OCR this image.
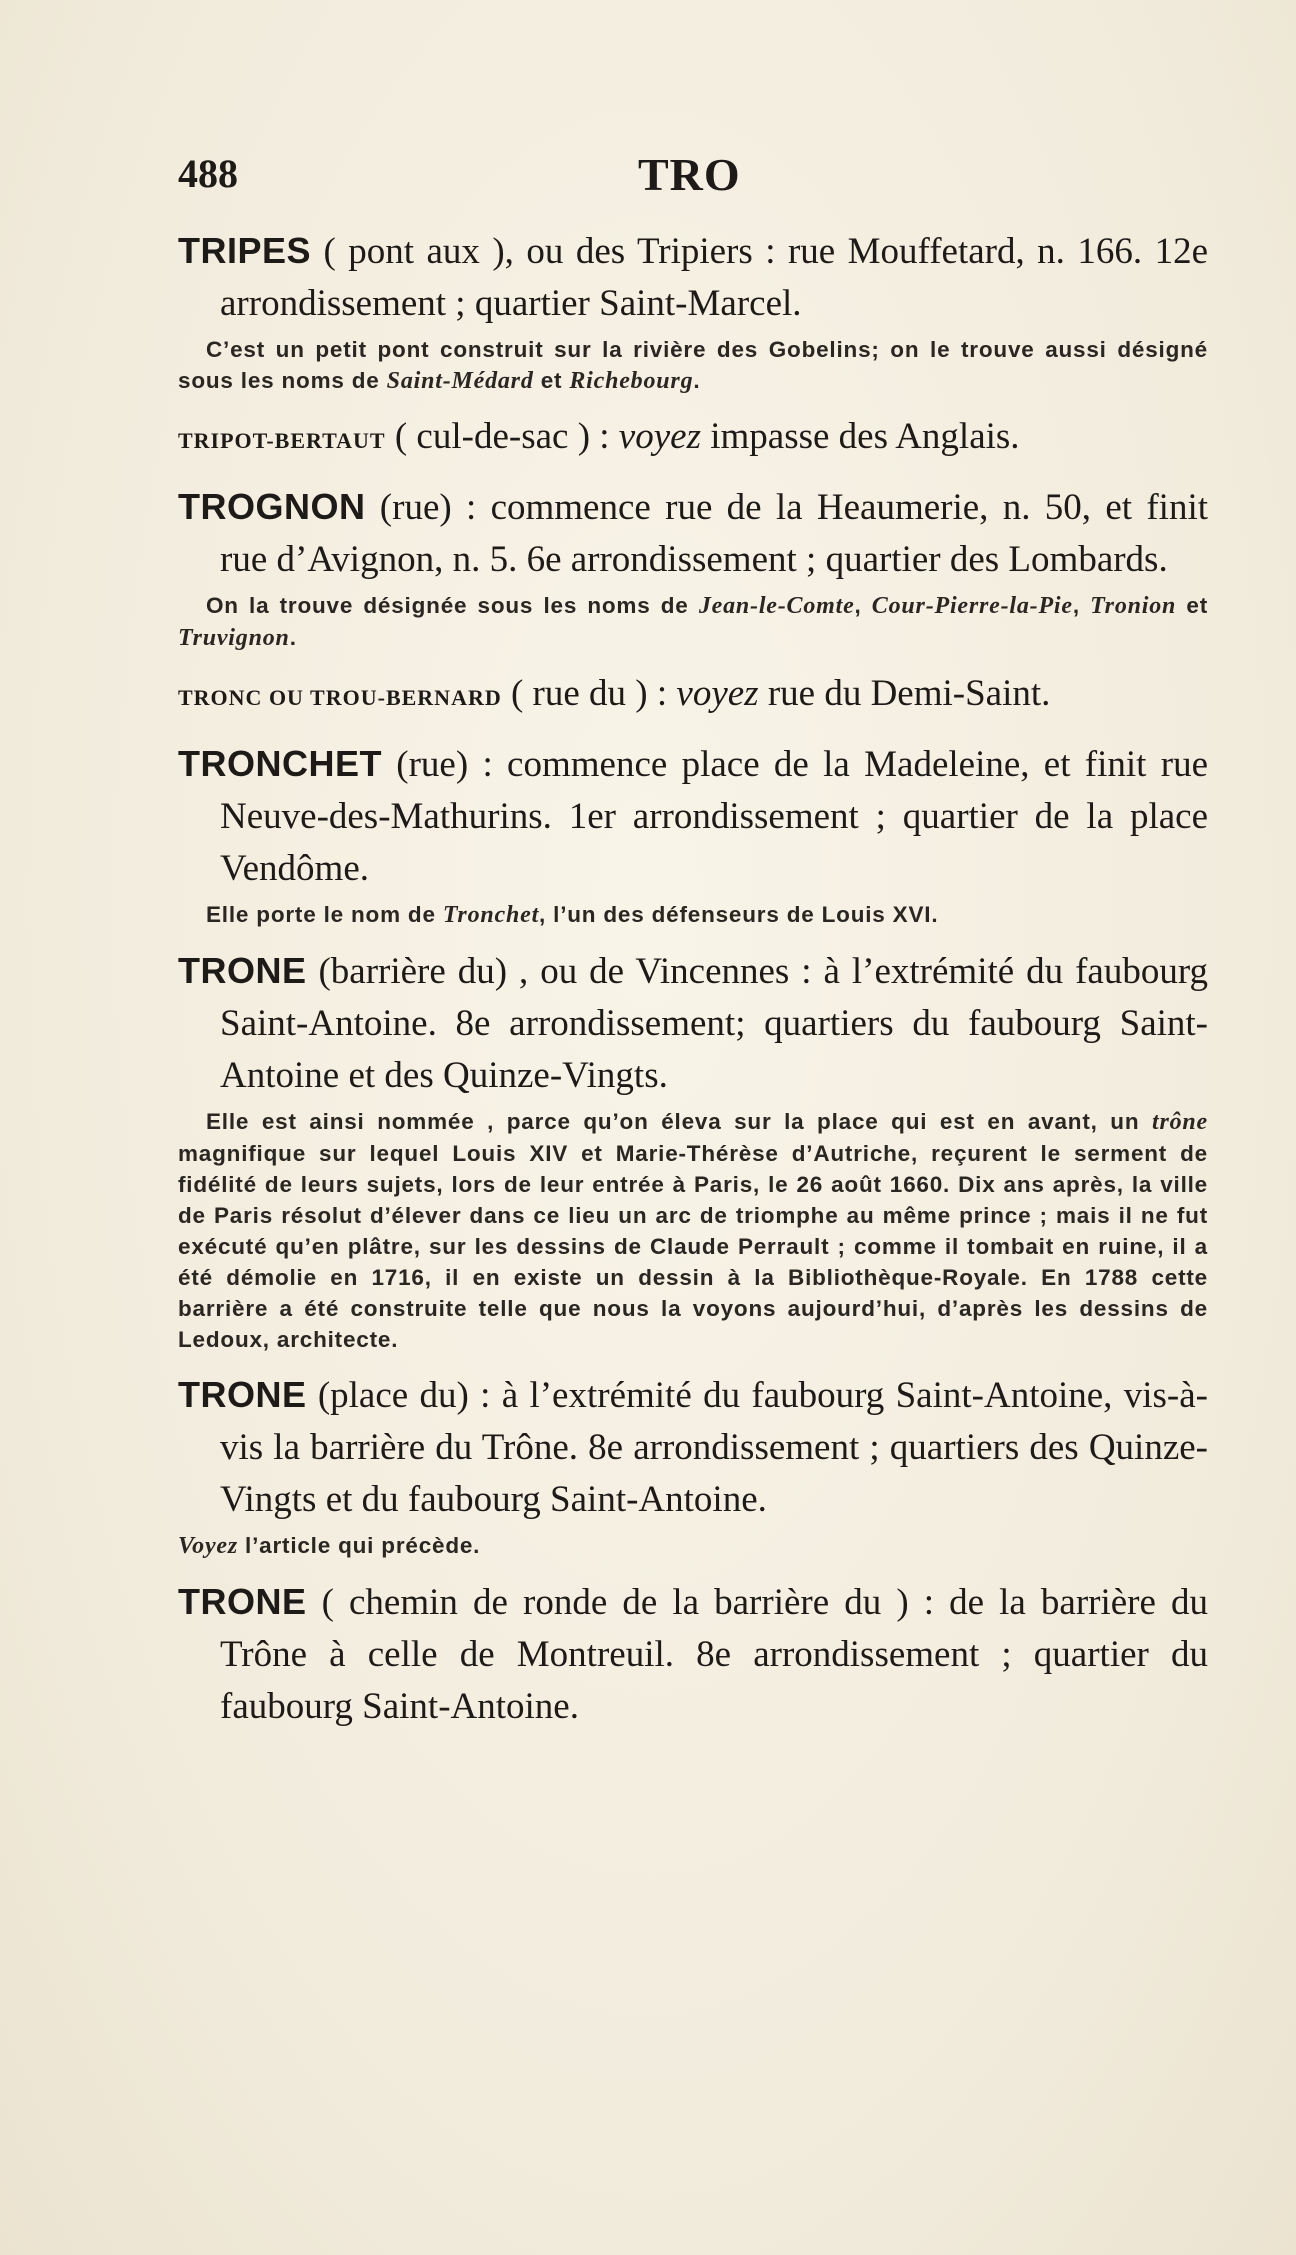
488	TRO

TRIPES ( pont aux ), ou des Tripiers : rue Mouffetard, n. 166. 12e arrondissement ; quartier Saint-Marcel.

C’est un petit pont construit sur la rivière des Gobelins; on le trouve aussi désigné sous les noms de Saint-Médard et Richebourg.

TRIPOT-BERTAUT ( cul-de-sac ) : voyez impasse des Anglais.

TROGNON (rue) : commence rue de la Heaumerie, n. 50, et finit rue d’Avignon, n. 5. 6e arrondissement ; quartier des Lombards.

On la trouve désignée sous les noms de Jean-le-Comte, Cour-Pierre-la-Pie, Tronion et Truvignon.

TRONC OU TROU-BERNARD ( rue du ) : voyez rue du Demi-Saint.

TRONCHET (rue) : commence place de la Madeleine, et finit rue Neuve-des-Mathurins. 1er arrondissement ; quartier de la place Vendôme.

Elle porte le nom de Tronchet, l’un des défenseurs de Louis XVI.

TRONE (barrière du) , ou de Vincennes : à l’extrémité du faubourg Saint-Antoine. 8e arrondissement; quartiers du faubourg Saint-Antoine et des Quinze-Vingts.

Elle est ainsi nommée , parce qu’on éleva sur la place qui est en avant, un trône magnifique sur lequel Louis XIV et Marie-Thérèse d’Autriche, reçurent le serment de fidélité de leurs sujets, lors de leur entrée à Paris, le 26 août 1660. Dix ans après, la ville de Paris résolut d’élever dans ce lieu un arc de triomphe au même prince ; mais il ne fut exécuté qu’en plâtre, sur les dessins de Claude Perrault ; comme il tombait en ruine, il a été démolie en 1716, il en existe un dessin à la Bibliothèque-Royale. En 1788 cette barrière a été construite telle que nous la voyons aujourd’hui, d’après les dessins de Ledoux, architecte.

TRONE (place du) : à l’extrémité du faubourg Saint-Antoine, vis-à-vis la barrière du Trône. 8e arrondissement ; quartiers des Quinze-Vingts et du faubourg Saint-Antoine.

Voyez l’article qui précède.

TRONE ( chemin de ronde de la barrière du ) : de la barrière du Trône à celle de Montreuil. 8e arrondissement ; quartier du faubourg Saint-Antoine.
